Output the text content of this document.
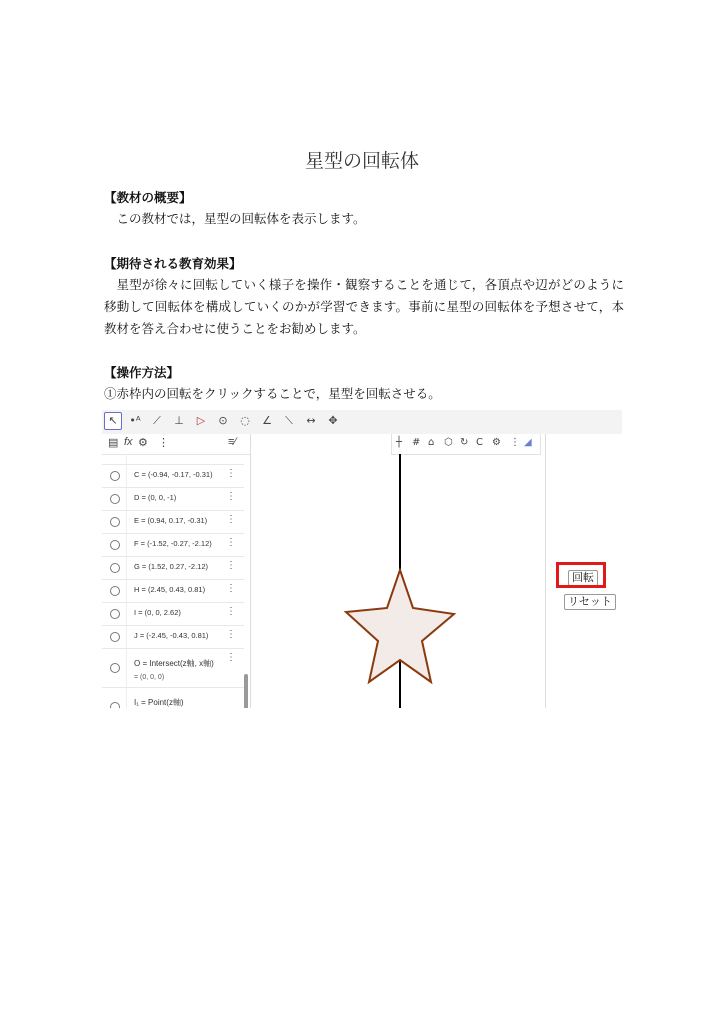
星型の回転体
【教材の概要】
この教材では，星型の回転体を表示します。
【期待される教育効果】
星型が徐々に回転していく様子を操作・観察することを通じて，各頂点や辺がどのように移動して回転体を構成していくのかが学習できます。事前に星型の回転体を予想させて，本教材を答え合わせに使うことをお勧めします。
【操作方法】
①赤枠内の回転をクリックすることで，星型を回転させる。
↖	•ᴬ	⟋	⊥	▷	⊙	◌	∠	⟍	↔	✥
▤ fx ⚙ ⋮	≡∕
C = (-0.94, -0.17, -0.31) ⋮
D = (0, 0, -1)	⋮
E = (0.94, 0.17, -0.31) ⋮
F = (-1.52, -0.27, -2.12) ⋮
G = (1.52, 0.27, -2.12) ⋮
H = (2.45, 0.43, 0.81) ⋮
I = (0, 0, 2.62)	⋮
J = (-2.45, -0.43, 0.81) ⋮
O = Intersect(z軸, x軸)
= (0, 0, 0)
⋮
I₁ = Point(z軸)
┼ # ⌂ ⬡ ↻ C ⚙ ⋮ ◢
回転
リセット
